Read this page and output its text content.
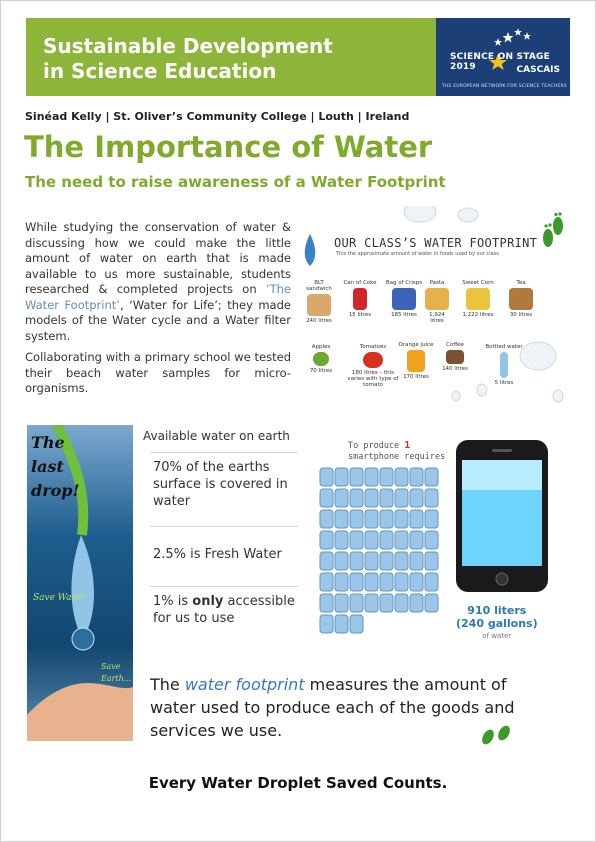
Sustainable Development
in Science Education
SCIENCE ON STAGE 2019	CASCAIS
THE EUROPEAN NETWORK FOR SCIENCE TEACHERS
Sinéad Kelly | St. Oliver’s Community College | Louth | Ireland
The Importance of Water
The need to raise awareness of a Water Footprint

While studying the conservation of water & discussing how we could make the little amount of water on earth that is made available to us more sustainable, students researched & completed projects on ‘The Water Footprint’, ‘Water for Life’; they made models of the Water cycle and a Water filter system.

Collaborating with a primary school we tested their beach water samples for micro-organisms.

OUR CLASS’S WATER FOOTPRINT
This the approximate amount of water in foods used by our class
BLT sandwich
240 litres
Can of Coke
15 litres
Bag of Crisps
185 litres
Pasta
1,924 litres
Sweet Corn
1,222 litres
Tea
30 litres
Apples
70 litres
Tomatoes
180 litres – this varies with type of tomato
Orange juice
170 litres
Coffee
140 litres
Bottled water
5 litres
The
last
drop!
Save Water
Save
Earth...
Available water on earth
70% of the earths surface is covered in water
2.5% is Fresh Water
1% is only accessible for us to use
To produce 1
smartphone requires
910 liters
(240 gallons)
of water
The water footprint measures the amount of water used to produce each of the goods and services we use.
Every Water Droplet Saved Counts.
